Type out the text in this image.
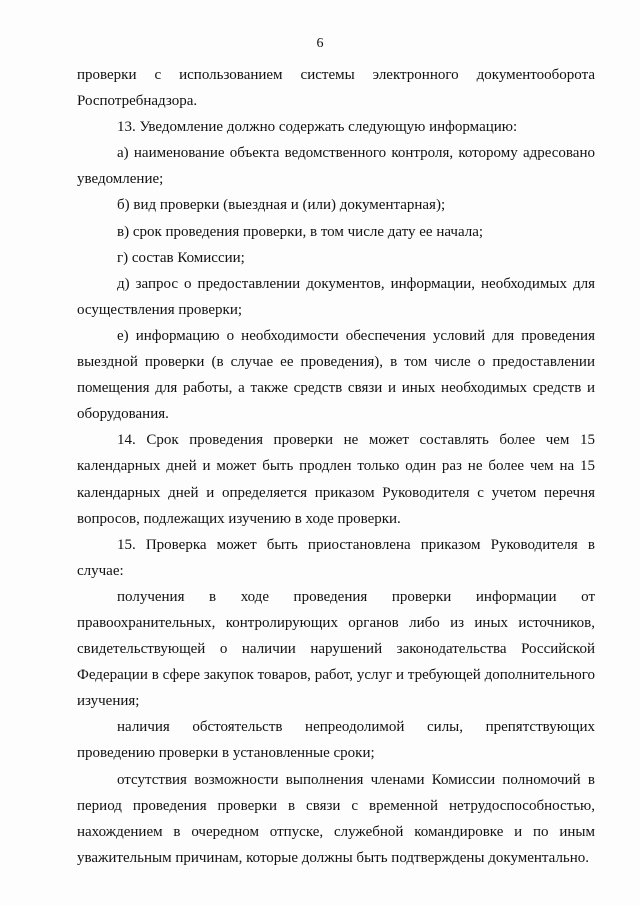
6

проверки с использованием системы электронного документооборота Роспотребнадзора.

13. Уведомление должно содержать следующую информацию:

а) наименование объекта ведомственного контроля, которому адресовано уведомление;

б) вид проверки (выездная и (или) документарная);

в) срок проведения проверки, в том числе дату ее начала;

г) состав Комиссии;

д) запрос о предоставлении документов, информации, необходимых для осуществления проверки;

е) информацию о необходимости обеспечения условий для проведения выездной проверки (в случае ее проведения), в том числе о предоставлении помещения для работы, а также средств связи и иных необходимых средств и оборудования.

14. Срок проведения проверки не может составлять более чем 15 календарных дней и может быть продлен только один раз не более чем на 15 календарных дней и определяется приказом Руководителя с учетом перечня вопросов, подлежащих изучению в ходе проверки.

15. Проверка может быть приостановлена приказом Руководителя в случае:

получения в ходе проведения проверки информации от правоохранительных, контролирующих органов либо из иных источников, свидетельствующей о наличии нарушений законодательства Российской Федерации в сфере закупок товаров, работ, услуг и требующей дополнительного изучения;

наличия обстоятельств непреодолимой силы, препятствующих проведению проверки в установленные сроки;

отсутствия возможности выполнения членами Комиссии полномочий в период проведения проверки в связи с временной нетрудоспособностью, нахождением в очередном отпуске, служебной командировке и по иным уважительным причинам, которые должны быть подтверждены документально.
